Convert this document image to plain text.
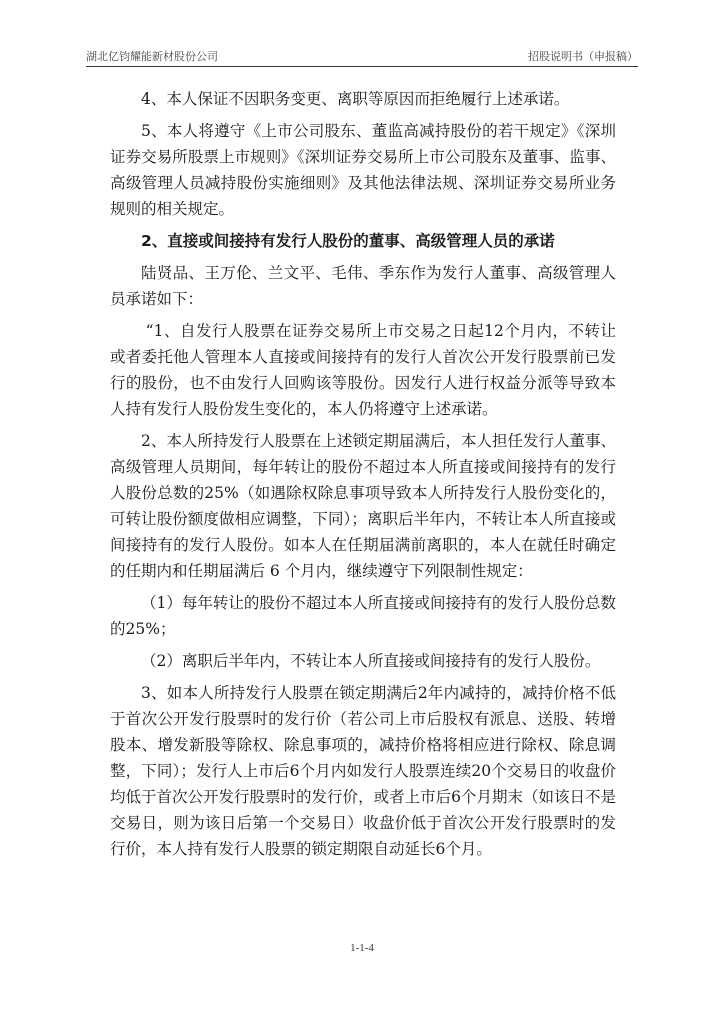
湖北亿钧耀能新材股份公司	招股说明书（申报稿）

4、本人保证不因职务变更、离职等原因而拒绝履行上述承诺。

5、本人将遵守《上市公司股东、董监高减持股份的若干规定》《深圳证券交易所股票上市规则》《深圳证券交易所上市公司股东及董事、监事、高级管理人员减持股份实施细则》及其他法律法规、深圳证券交易所业务规则的相关规定。

2、直接或间接持有发行人股份的董事、高级管理人员的承诺

陆贤品、王万伦、兰文平、毛伟、季东作为发行人董事、高级管理人员承诺如下：

“1、自发行人股票在证券交易所上市交易之日起12个月内，不转让或者委托他人管理本人直接或间接持有的发行人首次公开发行股票前已发行的股份，也不由发行人回购该等股份。因发行人进行权益分派等导致本人持有发行人股份发生变化的，本人仍将遵守上述承诺。

2、本人所持发行人股票在上述锁定期届满后，本人担任发行人董事、高级管理人员期间，每年转让的股份不超过本人所直接或间接持有的发行人股份总数的25%（如遇除权除息事项导致本人所持发行人股份变化的，可转让股份额度做相应调整，下同）；离职后半年内，不转让本人所直接或间接持有的发行人股份。如本人在任期届满前离职的，本人在就任时确定的任期内和任期届满后 6 个月内，继续遵守下列限制性规定：

（1）每年转让的股份不超过本人所直接或间接持有的发行人股份总数的25%；

（2）离职后半年内，不转让本人所直接或间接持有的发行人股份。

3、如本人所持发行人股票在锁定期满后2年内减持的，减持价格不低于首次公开发行股票时的发行价（若公司上市后股权有派息、送股、转增股本、增发新股等除权、除息事项的，减持价格将相应进行除权、除息调整，下同）；发行人上市后6个月内如发行人股票连续20个交易日的收盘价均低于首次公开发行股票时的发行价，或者上市后6个月期末（如该日不是交易日，则为该日后第一个交易日）收盘价低于首次公开发行股票时的发行价，本人持有发行人股票的锁定期限自动延长6个月。

1-1-4
